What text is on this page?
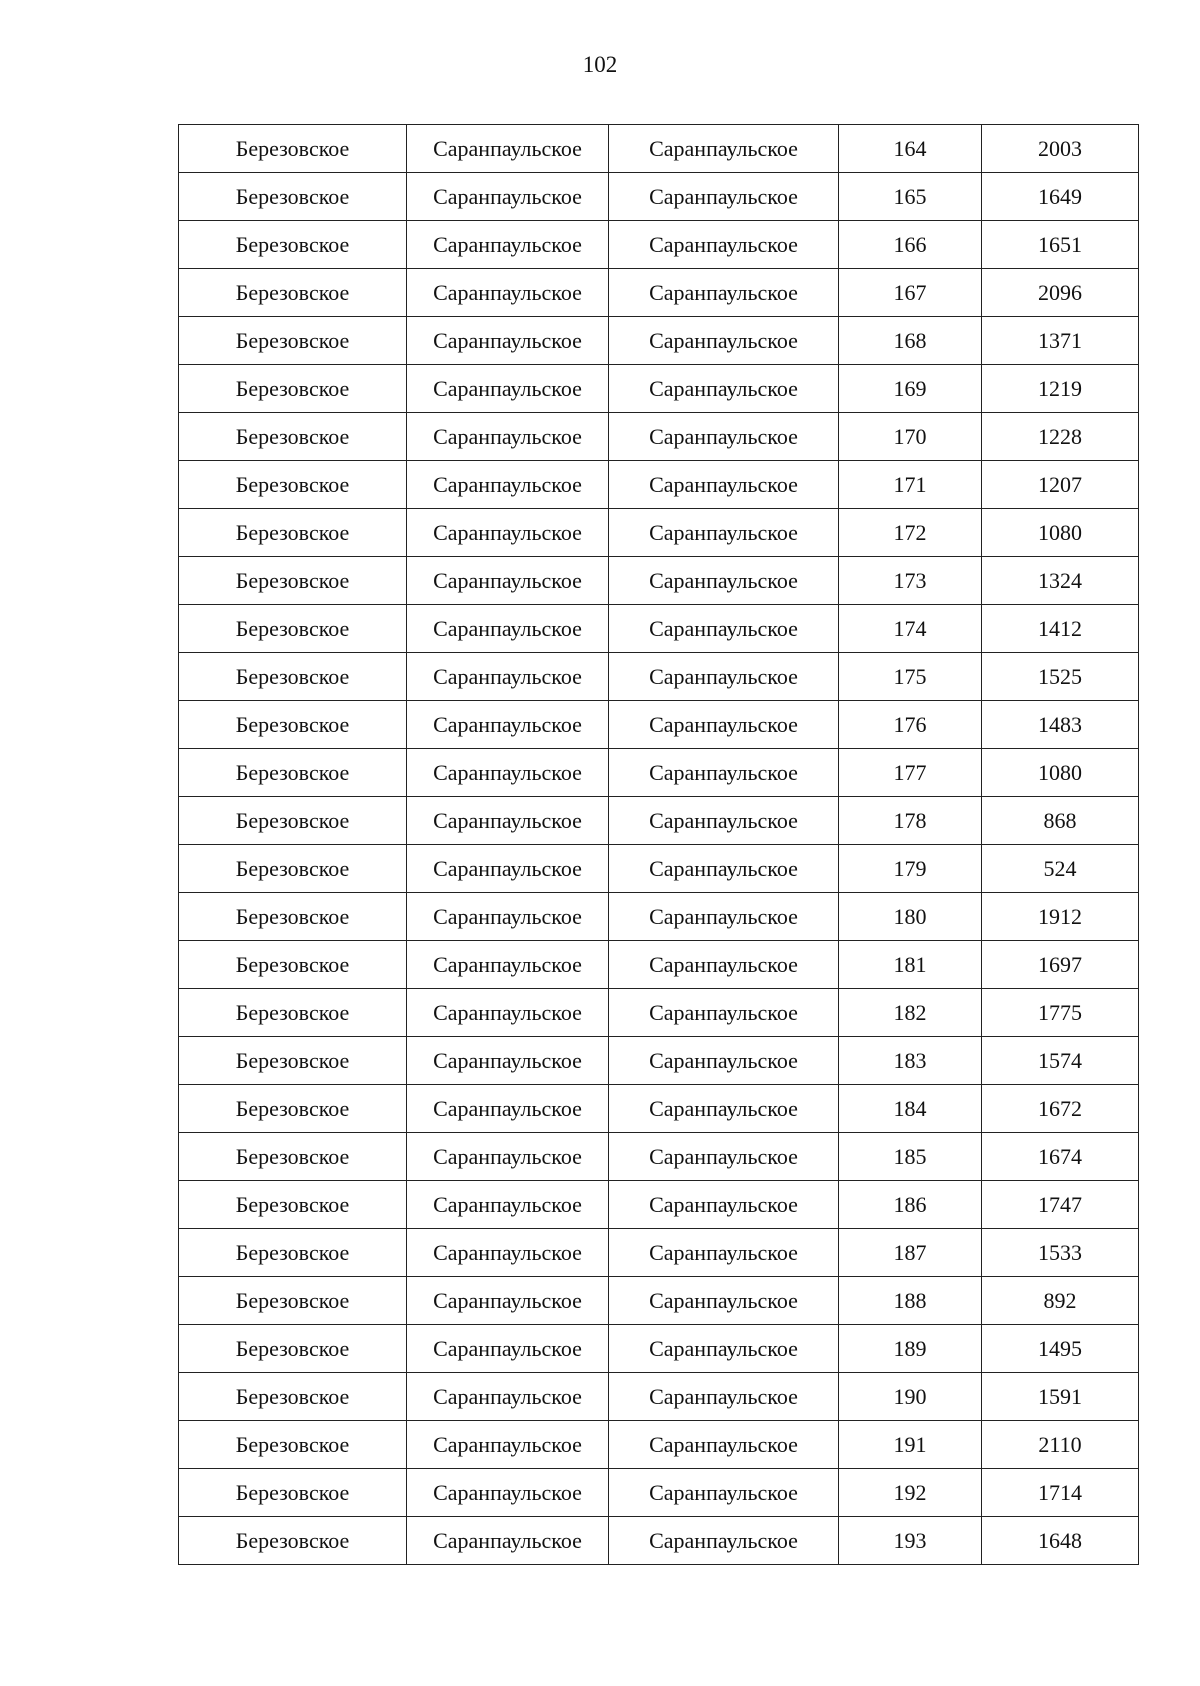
102
Березовское	Саранпаульское	Саранпаульское	164	2003
Березовское	Саранпаульское	Саранпаульское	165	1649
Березовское	Саранпаульское	Саранпаульское	166	1651
Березовское	Саранпаульское	Саранпаульское	167	2096
Березовское	Саранпаульское	Саранпаульское	168	1371
Березовское	Саранпаульское	Саранпаульское	169	1219
Березовское	Саранпаульское	Саранпаульское	170	1228
Березовское	Саранпаульское	Саранпаульское	171	1207
Березовское	Саранпаульское	Саранпаульское	172	1080
Березовское	Саранпаульское	Саранпаульское	173	1324
Березовское	Саранпаульское	Саранпаульское	174	1412
Березовское	Саранпаульское	Саранпаульское	175	1525
Березовское	Саранпаульское	Саранпаульское	176	1483
Березовское	Саранпаульское	Саранпаульское	177	1080
Березовское	Саранпаульское	Саранпаульское	178	868
Березовское	Саранпаульское	Саранпаульское	179	524
Березовское	Саранпаульское	Саранпаульское	180	1912
Березовское	Саранпаульское	Саранпаульское	181	1697
Березовское	Саранпаульское	Саранпаульское	182	1775
Березовское	Саранпаульское	Саранпаульское	183	1574
Березовское	Саранпаульское	Саранпаульское	184	1672
Березовское	Саранпаульское	Саранпаульское	185	1674
Березовское	Саранпаульское	Саранпаульское	186	1747
Березовское	Саранпаульское	Саранпаульское	187	1533
Березовское	Саранпаульское	Саранпаульское	188	892
Березовское	Саранпаульское	Саранпаульское	189	1495
Березовское	Саранпаульское	Саранпаульское	190	1591
Березовское	Саранпаульское	Саранпаульское	191	2110
Березовское	Саранпаульское	Саранпаульское	192	1714
Березовское	Саранпаульское	Саранпаульское	193	1648
